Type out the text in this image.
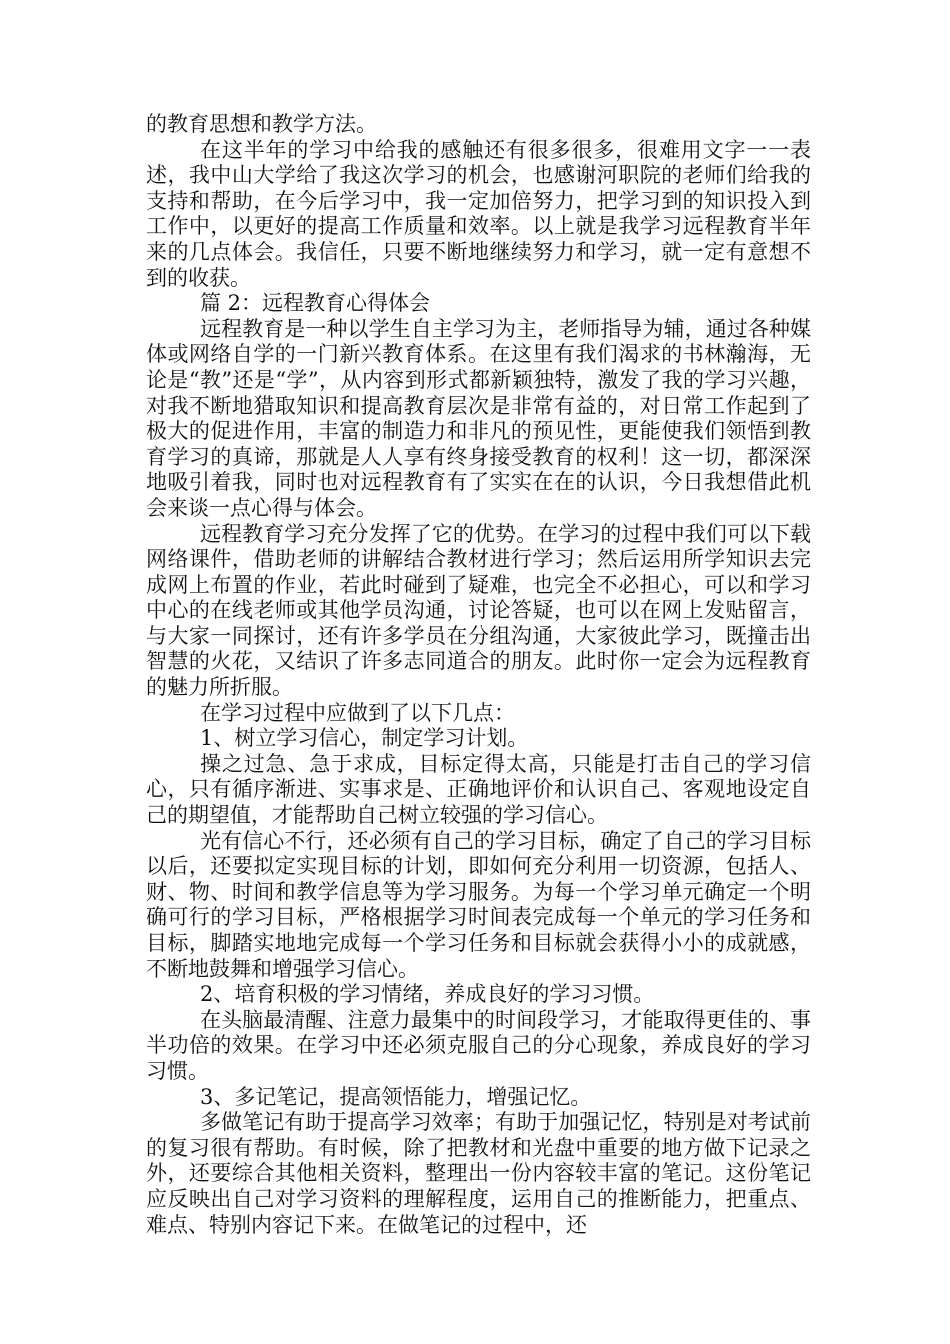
的教育思想和教学方法。

在这半年的学习中给我的感触还有很多很多，很难用文字一一表述，我中山大学给了我这次学习的机会，也感谢河职院的老师们给我的支持和帮助，在今后学习中，我一定加倍努力，把学习到的知识投入到工作中，以更好的提高工作质量和效率。以上就是我学习远程教育半年来的几点体会。我信任，只要不断地继续努力和学习，就一定有意想不到的收获。

篇 2：远程教育心得体会

远程教育是一种以学生自主学习为主，老师指导为辅，通过各种媒体或网络自学的一门新兴教育体系。在这里有我们渴求的书林瀚海，无论是“教”还是“学”，从内容到形式都新颖独特，激发了我的学习兴趣，对我不断地猎取知识和提高教育层次是非常有益的，对日常工作起到了极大的促进作用，丰富的制造力和非凡的预见性，更能使我们领悟到教育学习的真谛，那就是人人享有终身接受教育的权利！这一切，都深深地吸引着我，同时也对远程教育有了实实在在的认识，今日我想借此机会来谈一点心得与体会。

远程教育学习充分发挥了它的优势。在学习的过程中我们可以下载网络课件，借助老师的讲解结合教材进行学习；然后运用所学知识去完成网上布置的作业，若此时碰到了疑难，也完全不必担心，可以和学习中心的在线老师或其他学员沟通，讨论答疑，也可以在网上发贴留言，与大家一同探讨，还有许多学员在分组沟通，大家彼此学习，既撞击出智慧的火花，又结识了许多志同道合的朋友。此时你一定会为远程教育的魅力所折服。

在学习过程中应做到了以下几点：

1、树立学习信心，制定学习计划。

操之过急、急于求成，目标定得太高，只能是打击自己的学习信心，只有循序渐进、实事求是、正确地评价和认识自己、客观地设定自己的期望值，才能帮助自己树立较强的学习信心。

光有信心不行，还必须有自己的学习目标，确定了自己的学习目标以后，还要拟定实现目标的计划，即如何充分利用一切资源，包括人、财、物、时间和教学信息等为学习服务。为每一个学习单元确定一个明确可行的学习目标，严格根据学习时间表完成每一个单元的学习任务和目标，脚踏实地地完成每一个学习任务和目标就会获得小小的成就感，不断地鼓舞和增强学习信心。

2、培育积极的学习情绪，养成良好的学习习惯。

在头脑最清醒、注意力最集中的时间段学习，才能取得更佳的、事半功倍的效果。在学习中还必须克服自己的分心现象，养成良好的学习习惯。

3、多记笔记，提高领悟能力，增强记忆。

多做笔记有助于提高学习效率；有助于加强记忆，特别是对考试前的复习很有帮助。有时候，除了把教材和光盘中重要的地方做下记录之外，还要综合其他相关资料，整理出一份内容较丰富的笔记。这份笔记应反映出自己对学习资料的理解程度，运用自己的推断能力，把重点、难点、特别内容记下来。在做笔记的过程中，还
